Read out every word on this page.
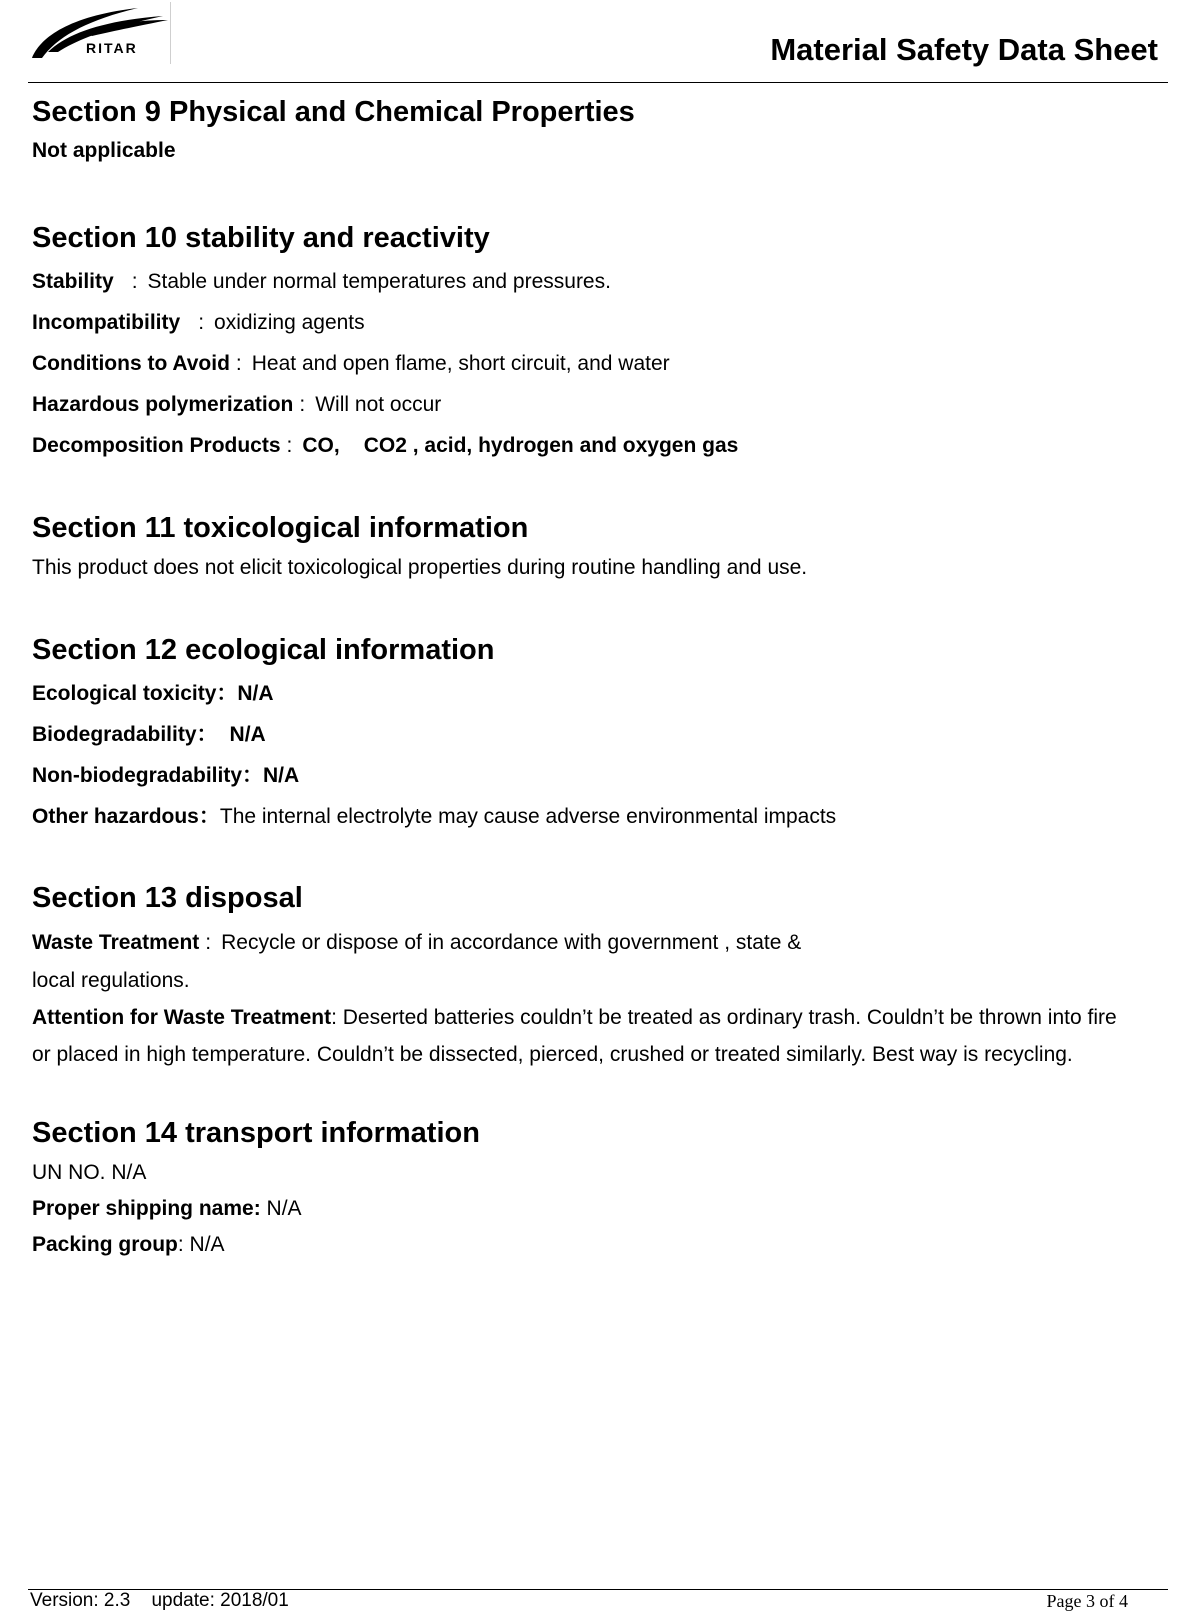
RITAR	Material Safety Data Sheet
Section 9 Physical and Chemical Properties
Not applicable
Section 10 stability and reactivity
Stability : Stable under normal temperatures and pressures.
Incompatibility : oxidizing agents
Conditions to Avoid : Heat and open flame, short circuit, and water
Hazardous polymerization : Will not occur
Decomposition Products : CO, CO2 , acid, hydrogen and oxygen gas
Section 11 toxicological information
This product does not elicit toxicological properties during routine handling and use.
Section 12 ecological information
Ecological toxicity：N/A
Biodegradability： N/A
Non-biodegradability：N/A
Other hazardous：The internal electrolyte may cause adverse environmental impacts
Section 13 disposal
Waste Treatment : Recycle or dispose of in accordance with government , state &
local regulations.
Attention for Waste Treatment: Deserted batteries couldn’t be treated as ordinary trash. Couldn’t be thrown into fire or placed in high temperature. Couldn’t be dissected, pierced, crushed or treated similarly. Best way is recycling.
Section 14 transport information
UN NO. N/A
Proper shipping name: N/A
Packing group: N/A
Version: 2.3    update: 2018/01	Page 3 of 4
